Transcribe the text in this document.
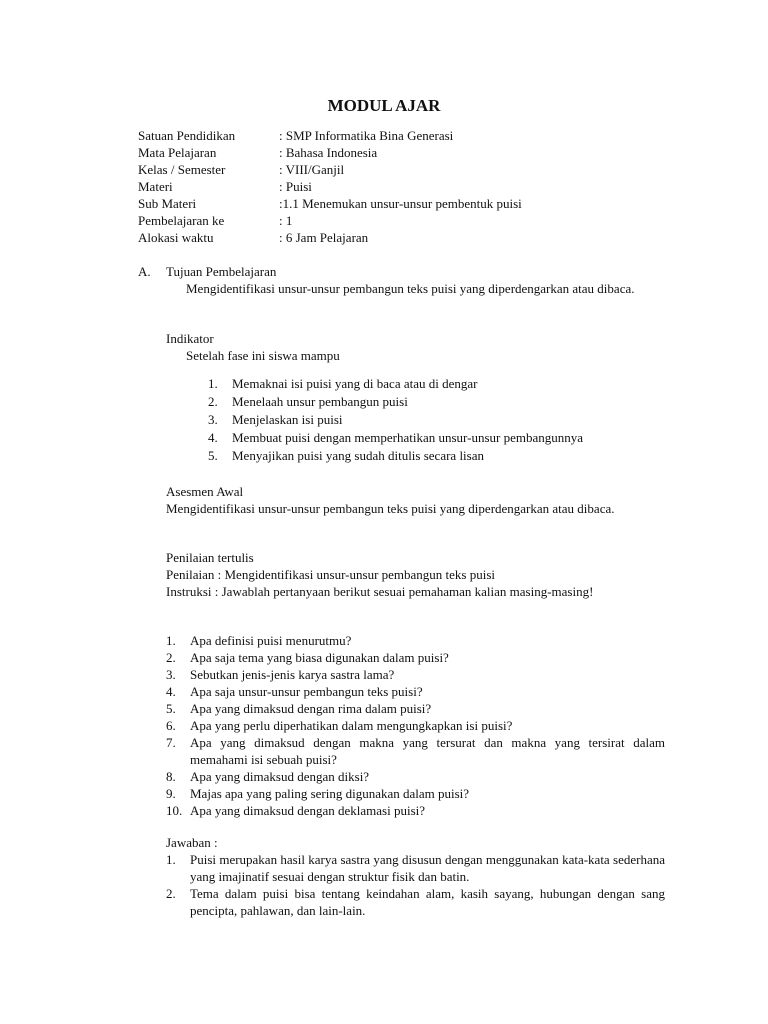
MODUL AJAR
Satuan Pendidikan	: SMP Informatika Bina Generasi
Mata Pelajaran	: Bahasa Indonesia
Kelas / Semester	: VIII/Ganjil
Materi	: Puisi
Sub Materi	:1.1 Menemukan unsur-unsur pembentuk puisi
Pembelajaran ke	: 1
Alokasi waktu	: 6 Jam Pelajaran
A.	Tujuan Pembelajaran

Mengidentifikasi unsur-unsur pembangun teks puisi yang diperdengarkan atau dibaca.

Indikator
Setelah fase ini siswa mampu
1.	Memaknai isi puisi yang di baca atau di dengar
2.	Menelaah unsur pembangun puisi
3.	Menjelaskan isi puisi
4.	Membuat puisi dengan memperhatikan unsur-unsur pembangunnya
5.	Menyajikan puisi yang sudah ditulis secara lisan
Asesmen Awal

Mengidentifikasi unsur-unsur pembangun teks puisi yang diperdengarkan atau dibaca.

Penilaian tertulis
Penilaian : Mengidentifikasi unsur-unsur pembangun teks puisi

Instruksi : Jawablah pertanyaan berikut sesuai pemahaman kalian masing-masing!

1.	Apa definisi puisi menurutmu?
2.	Apa saja tema yang biasa digunakan dalam puisi?
3.	Sebutkan jenis-jenis karya sastra lama?
4.	Apa saja unsur-unsur pembangun teks puisi?
5.	Apa yang dimaksud dengan rima dalam puisi?
6.	Apa yang perlu diperhatikan dalam mengungkapkan isi puisi?
7.	Apa yang dimaksud dengan makna yang tersurat dan makna yang tersirat dalam memahami isi sebuah puisi?
8.	Apa yang dimaksud dengan diksi?
9.	Majas apa yang paling sering digunakan dalam puisi?
10. Apa yang dimaksud dengan deklamasi puisi?
Jawaban :
1.	Puisi merupakan hasil karya sastra yang disusun dengan menggunakan kata-kata sederhana yang imajinatif sesuai dengan struktur fisik dan batin.
2.	Tema dalam puisi bisa tentang keindahan alam, kasih sayang, hubungan dengan sang pencipta, pahlawan, dan lain-lain.
